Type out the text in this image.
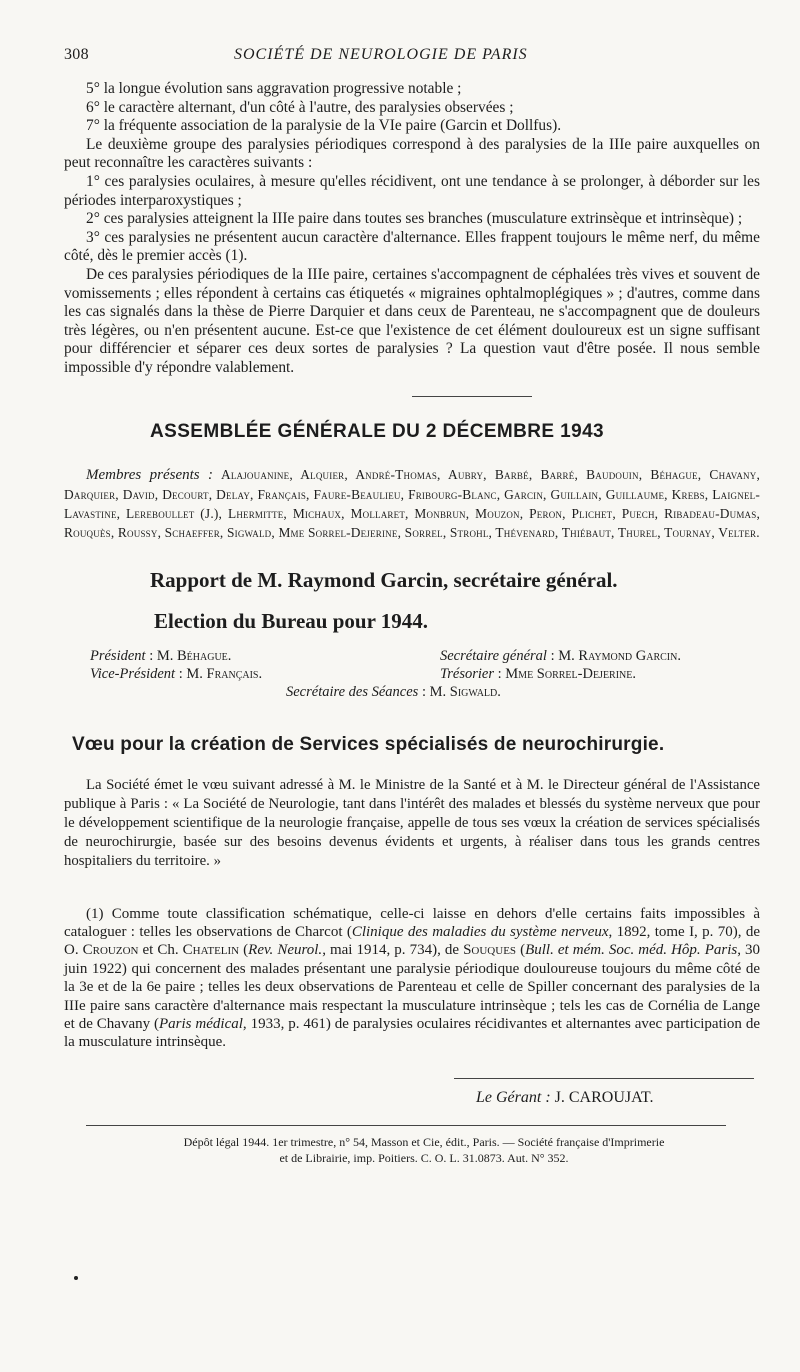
308	SOCIÉTÉ DE NEUROLOGIE DE PARIS

5° la longue évolution sans aggravation progressive notable ;

6° le caractère alternant, d'un côté à l'autre, des paralysies observées ;

7° la fréquente association de la paralysie de la VIe paire (Garcin et Dollfus).

Le deuxième groupe des paralysies périodiques correspond à des paralysies de la IIIe paire auxquelles on peut reconnaître les caractères suivants :

1° ces paralysies oculaires, à mesure qu'elles récidivent, ont une tendance à se prolonger, à déborder sur les périodes interparoxystiques ;

2° ces paralysies atteignent la IIIe paire dans toutes ses branches (musculature extrinsèque et intrinsèque) ;

3° ces paralysies ne présentent aucun caractère d'alternance. Elles frappent toujours le même nerf, du même côté, dès le premier accès (1).

De ces paralysies périodiques de la IIIe paire, certaines s'accompagnent de céphalées très vives et souvent de vomissements ; elles répondent à certains cas étiquetés « migraines ophtalmoplégiques » ; d'autres, comme dans les cas signalés dans la thèse de Pierre Darquier et dans ceux de Parenteau, ne s'accompagnent que de douleurs très légères, ou n'en présentent aucune. Est-ce que l'existence de cet élément douloureux est un signe suffisant pour différencier et séparer ces deux sortes de paralysies ? La question vaut d'être posée. Il nous semble impossible d'y répondre valablement.

ASSEMBLÉE GÉNÉRALE DU 2 DÉCEMBRE 1943

Membres présents : Alajouanine, Alquier, André-Thomas, Aubry, Barbé, Barré, Baudouin, Béhague, Chavany, Darquier, David, Decourt, Delay, Français, Faure-Beaulieu, Fribourg-Blanc, Garcin, Guillain, Guillaume, Krebs, Laignel-Lavastine, Lereboullet (J.), Lhermitte, Michaux, Mollaret, Monbrun, Mouzon, Peron, Plichet, Puech, Ribadeau-Dumas, Rouquès, Roussy, Schaeffer, Sigwald, Mme Sorrel-Dejerine, Sorrel, Strohl, Thévenard, Thiébaut, Thurel, Tournay, Velter.

Rapport de M. Raymond Garcin, secrétaire général.
Election du Bureau pour 1944.
Président : M. Béhague.	Secrétaire général : M. Raymond Garcin.
Vice-Président : M. Français.	Trésorier : Mme Sorrel-Dejerine.
Secrétaire des Séances : M. Sigwald.
Vœu pour la création de Services spécialisés de neurochirurgie.

La Société émet le vœu suivant adressé à M. le Ministre de la Santé et à M. le Directeur général de l'Assistance publique à Paris : « La Société de Neurologie, tant dans l'intérêt des malades et blessés du système nerveux que pour le développement scientifique de la neurologie française, appelle de tous ses vœux la création de services spécialisés de neurochirurgie, basée sur des besoins devenus évidents et urgents, à réaliser dans tous les grands centres hospitaliers du territoire. »

(1) Comme toute classification schématique, celle-ci laisse en dehors d'elle certains faits impossibles à cataloguer : telles les observations de Charcot (Clinique des maladies du système nerveux, 1892, tome I, p. 70), de O. Crouzon et Ch. Chatelin (Rev. Neurol., mai 1914, p. 734), de Souques (Bull. et mém. Soc. méd. Hôp. Paris, 30 juin 1922) qui concernent des malades présentant une paralysie périodique douloureuse toujours du même côté de la 3e et de la 6e paire ; telles les deux observations de Parenteau et celle de Spiller concernant des paralysies de la IIIe paire sans caractère d'alternance mais respectant la musculature intrinsèque ; tels les cas de Cornélia de Lange et de Chavany (Paris médical, 1933, p. 461) de paralysies oculaires récidivantes et alternantes avec participation de la musculature intrinsèque.

Le Gérant : J. CAROUJAT.
Dépôt légal 1944. 1er trimestre, n° 54, Masson et Cie, édit., Paris. — Société française d'Imprimerie
et de Librairie, imp. Poitiers. C. O. L. 31.0873. Aut. N° 352.
